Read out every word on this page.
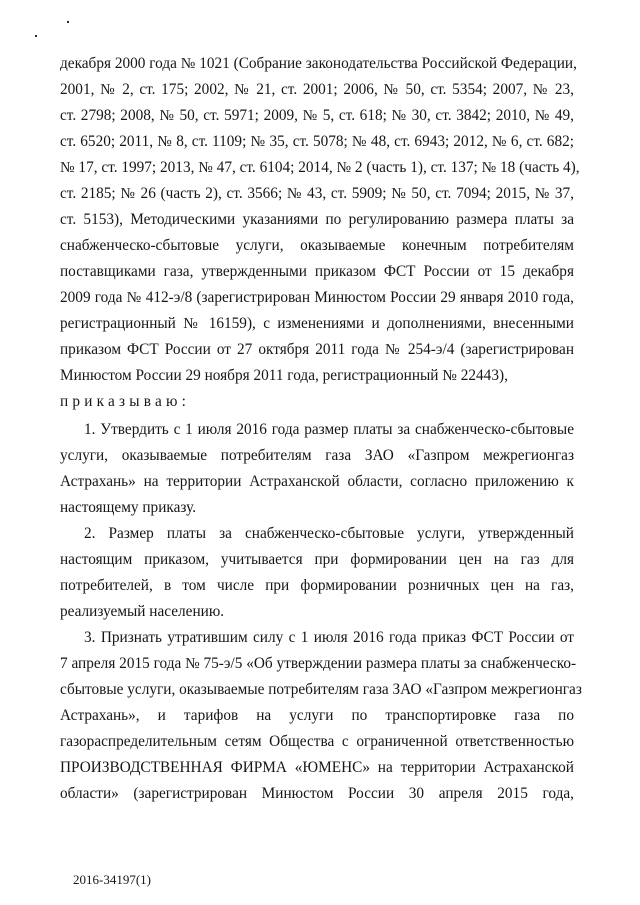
декабря 2000 года № 1021 (Собрание законодательства Российской Федерации,
2001, № 2, ст. 175; 2002, № 21, ст. 2001; 2006, № 50, ст. 5354; 2007, № 23,
ст. 2798; 2008, № 50, ст. 5971; 2009, № 5, ст. 618; № 30, ст. 3842; 2010, № 49,
ст. 6520; 2011, № 8, ст. 1109; № 35, ст. 5078; № 48, ст. 6943; 2012, № 6, ст. 682;
№ 17, ст. 1997; 2013, № 47, ст. 6104; 2014, № 2 (часть 1), ст. 137; № 18 (часть 4),
ст. 2185; № 26 (часть 2), ст. 3566; № 43, ст. 5909; № 50, ст. 7094; 2015, № 37,
ст. 5153), Методическими указаниями по регулированию размера платы за
снабженческо-сбытовые услуги, оказываемые конечным потребителям
поставщиками газа, утвержденными приказом ФСТ России от 15 декабря
2009 года № 412-э/8 (зарегистрирован Минюстом России 29 января 2010 года,
регистрационный № 16159), с изменениями и дополнениями, внесенными
приказом ФСТ России от 27 октября 2011 года № 254-э/4 (зарегистрирован
Минюстом России 29 ноября 2011 года, регистрационный № 22443),
приказываю:
1. Утвердить с 1 июля 2016 года размер платы за снабженческо-сбытовые
услуги, оказываемые потребителям газа ЗАО «Газпром межрегионгаз
Астрахань» на территории Астраханской области, согласно приложению к
настоящему приказу.
2. Размер платы за снабженческо-сбытовые услуги, утвержденный
настоящим приказом, учитывается при формировании цен на газ для
потребителей, в том числе при формировании розничных цен на газ,
реализуемый населению.
3. Признать утратившим силу с 1 июля 2016 года приказ ФСТ России от
7 апреля 2015 года № 75-э/5 «Об утверждении размера платы за снабженческо-
сбытовые услуги, оказываемые потребителям газа ЗАО «Газпром межрегионгаз
Астрахань», и тарифов на услуги по транспортировке газа по
газораспределительным сетям Общества с ограниченной ответственностью
ПРОИЗВОДСТВЕННАЯ ФИРМА «ЮМЕНС» на территории Астраханской
области» (зарегистрирован Минюстом России 30 апреля 2015 года,
2016-34197(1)
